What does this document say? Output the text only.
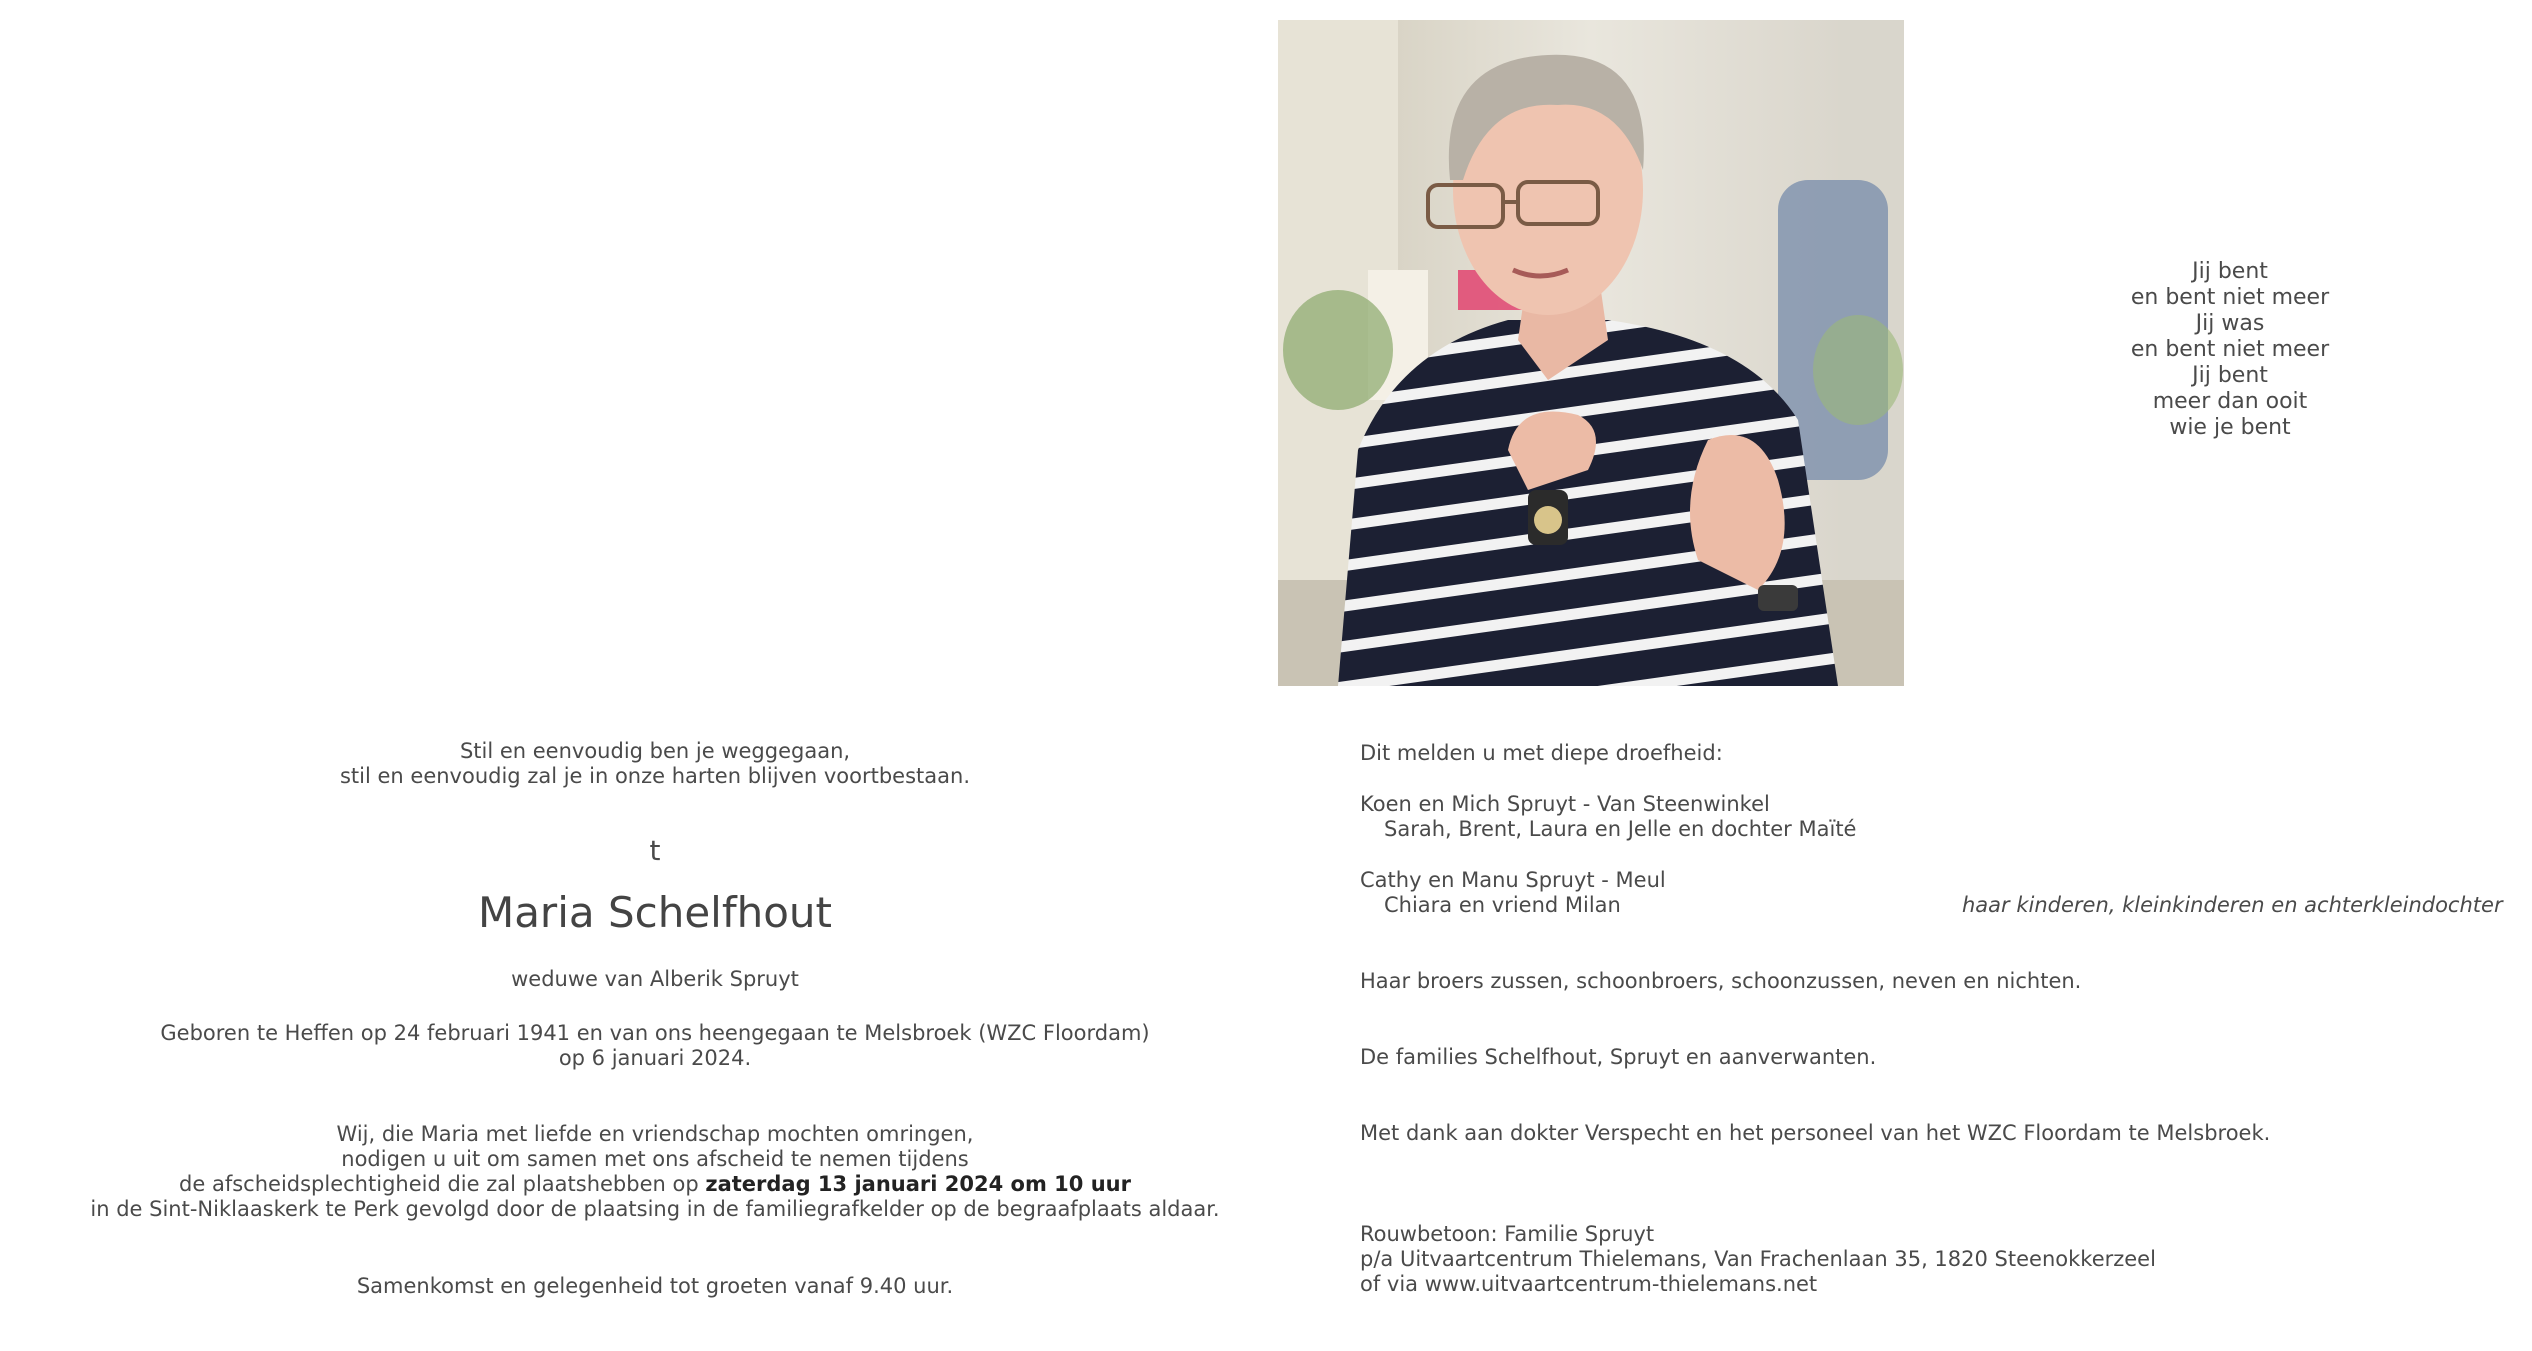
Jij bent
en bent niet meer
Jij was
en bent niet meer
Jij bent
meer dan ooit
wie je bent
Stil en eenvoudig ben je weggegaan,
stil en eenvoudig zal je in onze harten blijven voortbestaan.
t
Maria Schelfhout
weduwe van Alberik Spruyt
Geboren te Heffen op 24 februari 1941 en van ons heengegaan te Melsbroek (WZC Floordam)
op 6 januari 2024.
Wij, die Maria met liefde en vriendschap mochten omringen,
nodigen u uit om samen met ons afscheid te nemen tijdens
de afscheidsplechtigheid die zal plaatshebben op zaterdag 13 januari 2024 om 10 uur
in de Sint-Niklaaskerk te Perk gevolgd door de plaatsing in de familiegrafkelder op de begraafplaats aldaar.
Samenkomst en gelegenheid tot groeten vanaf 9.40 uur.
Dit melden u met diepe droefheid:
Koen en Mich Spruyt - Van Steenwinkel
Sarah, Brent, Laura en Jelle en dochter Maïté
Cathy en Manu Spruyt - Meul
Chiara en vriend Milan	haar kinderen, kleinkinderen en achterkleindochter
Haar broers zussen, schoonbroers, schoonzussen, neven en nichten.
De families Schelfhout, Spruyt en aanverwanten.
Met dank aan dokter Verspecht en het personeel van het WZC Floordam te Melsbroek.
Rouwbetoon: Familie Spruyt
p/a Uitvaartcentrum Thielemans, Van Frachenlaan 35, 1820 Steenokkerzeel
of via www.uitvaartcentrum-thielemans.net
